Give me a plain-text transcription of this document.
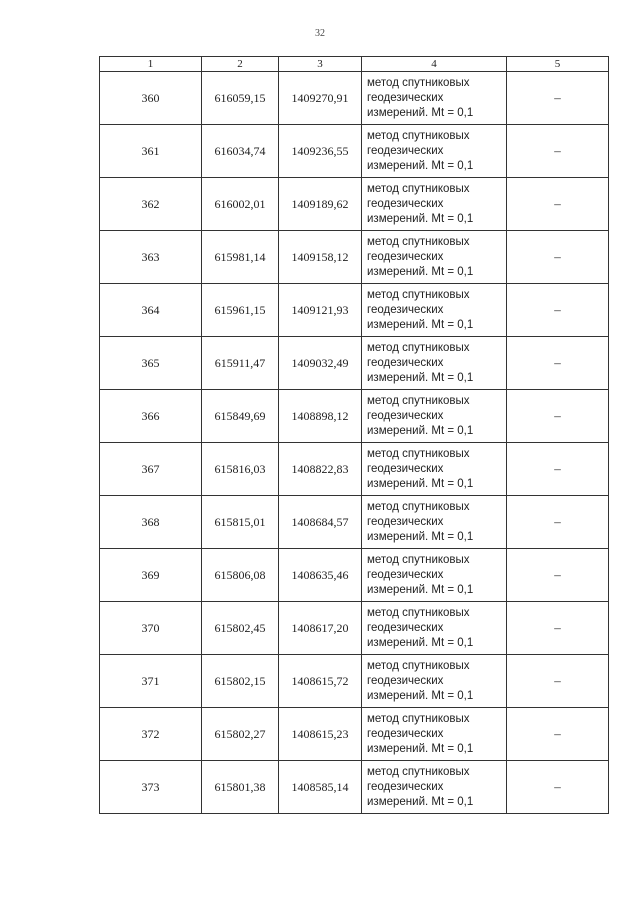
32
1	2	3	4	5
360	616059,15	1409270,91	метод спутниковых
геодезических
измерений. Mt = 0,1	–
361	616034,74	1409236,55	метод спутниковых
геодезических
измерений. Mt = 0,1	–
362	616002,01	1409189,62	метод спутниковых
геодезических
измерений. Mt = 0,1	–
363	615981,14	1409158,12	метод спутниковых
геодезических
измерений. Mt = 0,1	–
364	615961,15	1409121,93	метод спутниковых
геодезических
измерений. Mt = 0,1	–
365	615911,47	1409032,49	метод спутниковых
геодезических
измерений. Mt = 0,1	–
366	615849,69	1408898,12	метод спутниковых
геодезических
измерений. Mt = 0,1	–
367	615816,03	1408822,83	метод спутниковых
геодезических
измерений. Mt = 0,1	–
368	615815,01	1408684,57	метод спутниковых
геодезических
измерений. Mt = 0,1	–
369	615806,08	1408635,46	метод спутниковых
геодезических
измерений. Mt = 0,1	–
370	615802,45	1408617,20	метод спутниковых
геодезических
измерений. Mt = 0,1	–
371	615802,15	1408615,72	метод спутниковых
геодезических
измерений. Mt = 0,1	–
372	615802,27	1408615,23	метод спутниковых
геодезических
измерений. Mt = 0,1	–
373	615801,38	1408585,14	метод спутниковых
геодезических
измерений. Mt = 0,1	–
